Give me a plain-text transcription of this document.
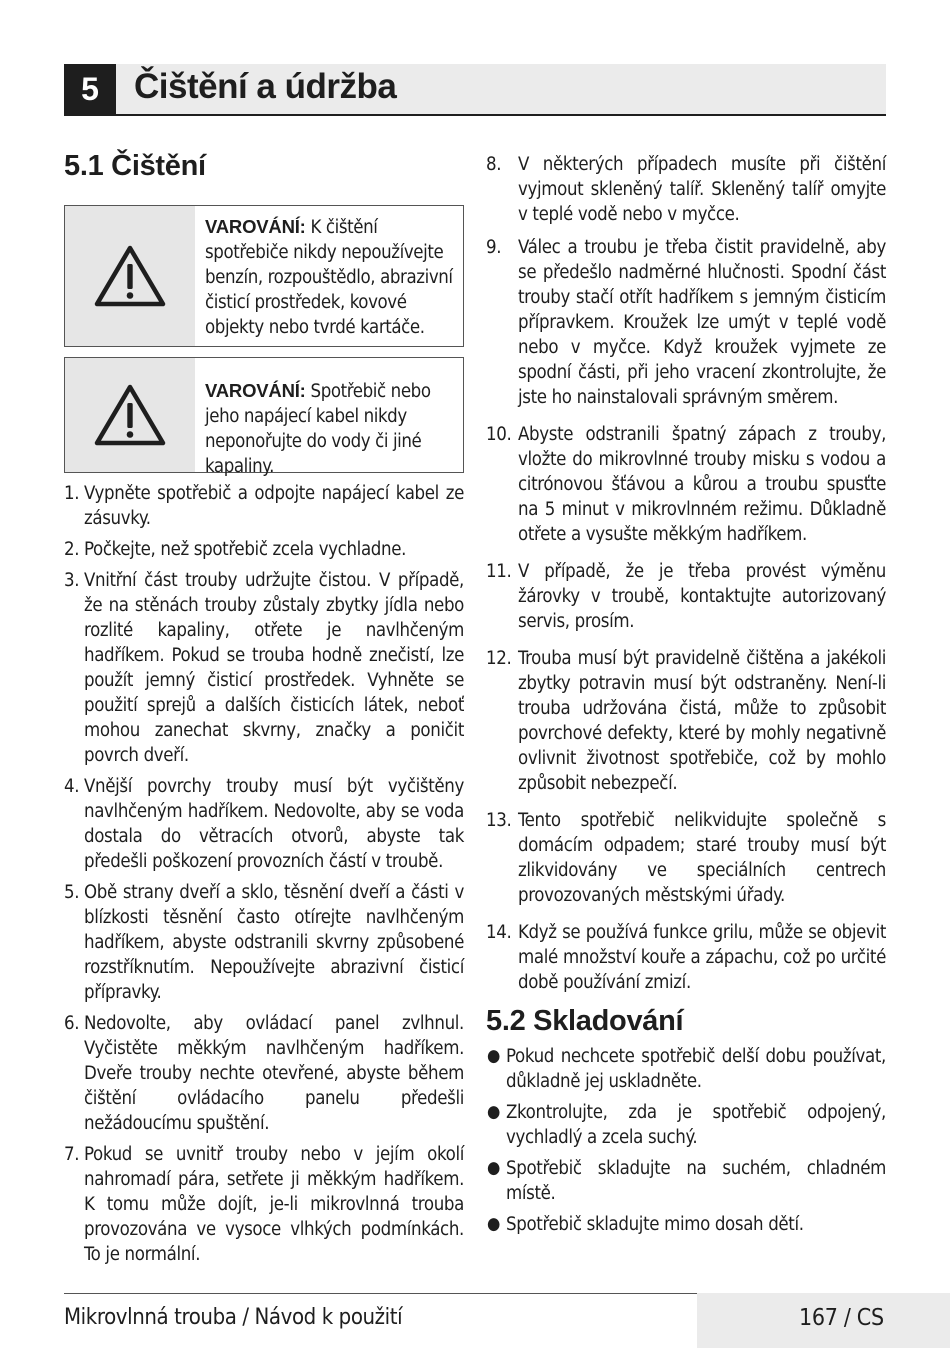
5	Čištění a údržba
5.1 Čištění
VAROVÁNÍ: K čištění spotřebiče nikdy nepoužívejte benzín, rozpouštědlo, abrazivní čisticí prostředek, kovové objekty nebo tvrdé kartáče.
VAROVÁNÍ: Spotřebič nebo jeho napájecí kabel nikdy neponořujte do vody či jiné kapaliny.
1. Vypněte spotřebič a odpojte napájecí kabel ze zásuvky.
2. Počkejte, než spotřebič zcela vychladne.
3. Vnitřní část trouby udržujte čistou. V případě, že na stěnách trouby zůstaly zbytky jídla nebo rozlité kapaliny, otřete je navlhčeným hadříkem. Pokud se trouba hodně znečistí, lze použít jemný čisticí prostředek. Vyhněte se použití sprejů a dalších čisticích látek, neboť mohou zanechat skvrny, značky a poničit povrch dveří.
4. Vnější povrchy trouby musí být vyčištěny navlhčeným hadříkem. Nedovolte, aby se voda dostala do větracích otvorů, abyste tak předešli poškození provozních částí v troubě.
5. Obě strany dveří a sklo, těsnění dveří a části v blízkosti těsnění často otírejte navlhčeným hadříkem, abyste odstranili skvrny způsobené rozstříknutím. Nepoužívejte abrazivní čisticí přípravky.
6. Nedovolte, aby ovládací panel zvlhnul. Vyčistěte měkkým navlhčeným hadříkem. Dveře trouby nechte otevřené, abyste během čištění ovládacího panelu předešli nežádoucímu spuštění.
7. Pokud se uvnitř trouby nebo v jejím okolí nahromadí pára, setřete ji měkkým hadříkem. K tomu může dojít, je-li mikrovlnná trouba provozována ve vysoce vlhkých podmínkách. To je normální.
8. V některých případech musíte při čištění vyjmout skleněný talíř. Skleněný talíř omyjte v teplé vodě nebo v myčce.
9. Válec a troubu je třeba čistit pravidelně, aby se předešlo nadměrné hlučnosti. Spodní část trouby stačí otřít hadříkem s jemným čisticím přípravkem. Kroužek lze umýt v teplé vodě nebo v myčce. Když kroužek vyjmete ze spodní části, při jeho vracení zkontrolujte, že jste ho nainstalovali správným směrem.
10. Abyste odstranili špatný zápach z trouby, vložte do mikrovlnné trouby misku s vodou a citrónovou šťávou a kůrou a troubu spusťte na 5 minut v mikrovlnném režimu. Důkladně otřete a vysušte měkkým hadříkem.
11. V případě, že je třeba provést výměnu žárovky v troubě, kontaktujte autorizovaný servis, prosím.
12. Trouba musí být pravidelně čištěna a jakékoli zbytky potravin musí být odstraněny. Není-li trouba udržována čistá, může to způsobit povrchové defekty, které by mohly negativně ovlivnit životnost spotřebiče, což by mohlo způsobit nebezpečí.
13. Tento spotřebič nelikvidujte společně s domácím odpadem; staré trouby musí být zlikvidovány ve speciálních centrech provozovaných městskými úřady.
14. Když se používá funkce grilu, může se objevit malé množství kouře a zápachu, což po určité době používání zmizí.
5.2 Skladování
● Pokud nechcete spotřebič delší dobu používat, důkladně jej uskladněte.
● Zkontrolujte, zda je spotřebič odpojený, vychladlý a zcela suchý.
● Spotřebič skladujte na suchém, chladném místě.
● Spotřebič skladujte mimo dosah dětí.
Mikrovlnná trouba / Návod k použití	167 / CS
